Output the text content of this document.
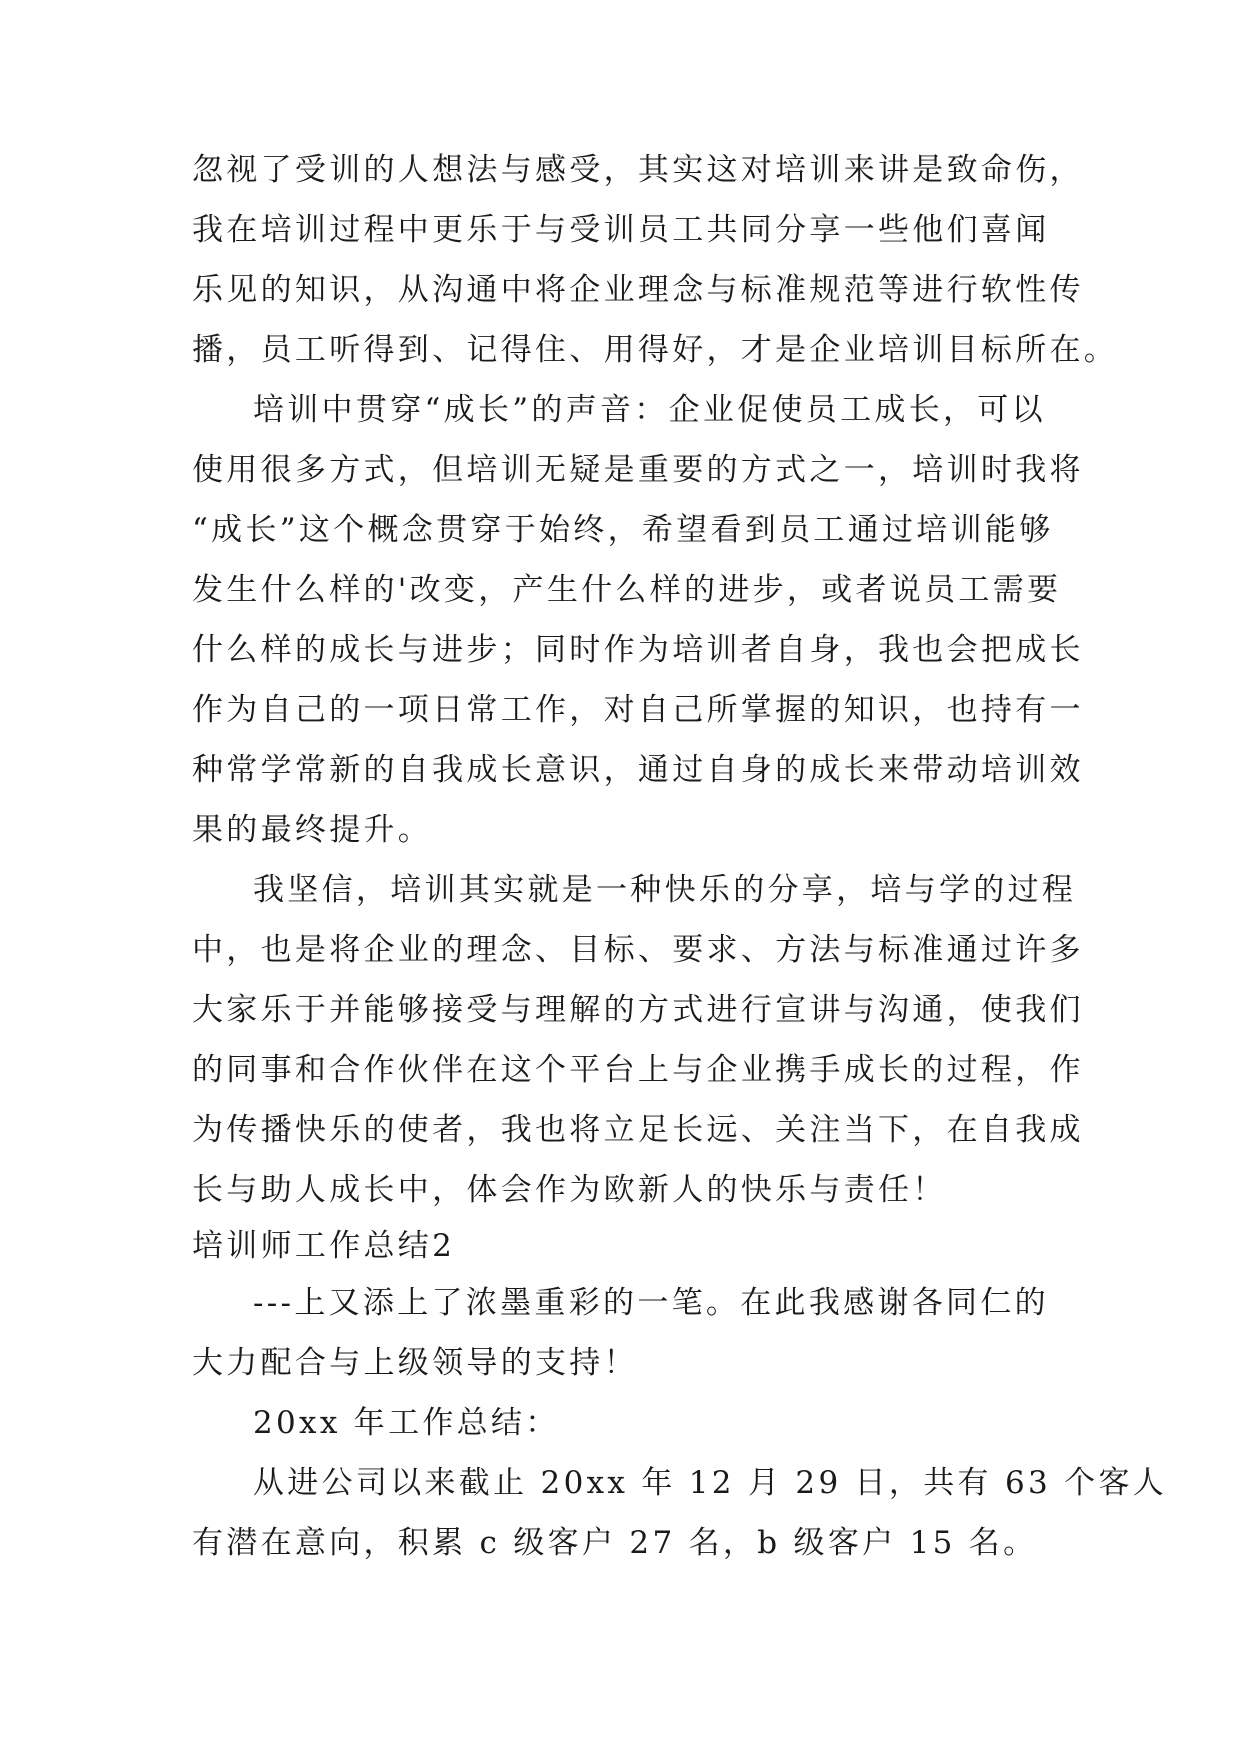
忽视了受训的人想法与感受，其实这对培训来讲是致命伤，
我在培训过程中更乐于与受训员工共同分享一些他们喜闻
乐见的知识，从沟通中将企业理念与标准规范等进行软性传
播，员工听得到、记得住、用得好，才是企业培训目标所在。
培训中贯穿“成长”的声音：企业促使员工成长，可以
使用很多方式，但培训无疑是重要的方式之一，培训时我将
“成长”这个概念贯穿于始终，希望看到员工通过培训能够
发生什么样的'改变，产生什么样的进步，或者说员工需要
什么样的成长与进步；同时作为培训者自身，我也会把成长
作为自己的一项日常工作，对自己所掌握的知识，也持有一
种常学常新的自我成长意识，通过自身的成长来带动培训效
果的最终提升。
我坚信，培训其实就是一种快乐的分享，培与学的过程
中，也是将企业的理念、目标、要求、方法与标准通过许多
大家乐于并能够接受与理解的方式进行宣讲与沟通，使我们
的同事和合作伙伴在这个平台上与企业携手成长的过程，作
为传播快乐的使者，我也将立足长远、关注当下，在自我成
长与助人成长中，体会作为欧新人的快乐与责任！
培训师工作总结2
---上又添上了浓墨重彩的一笔。在此我感谢各同仁的
大力配合与上级领导的支持！
20xx 年工作总结：
从进公司以来截止 20xx 年 12 月 29 日，共有 63 个客人
有潜在意向，积累 c 级客户 27 名，b 级客户 15 名。
